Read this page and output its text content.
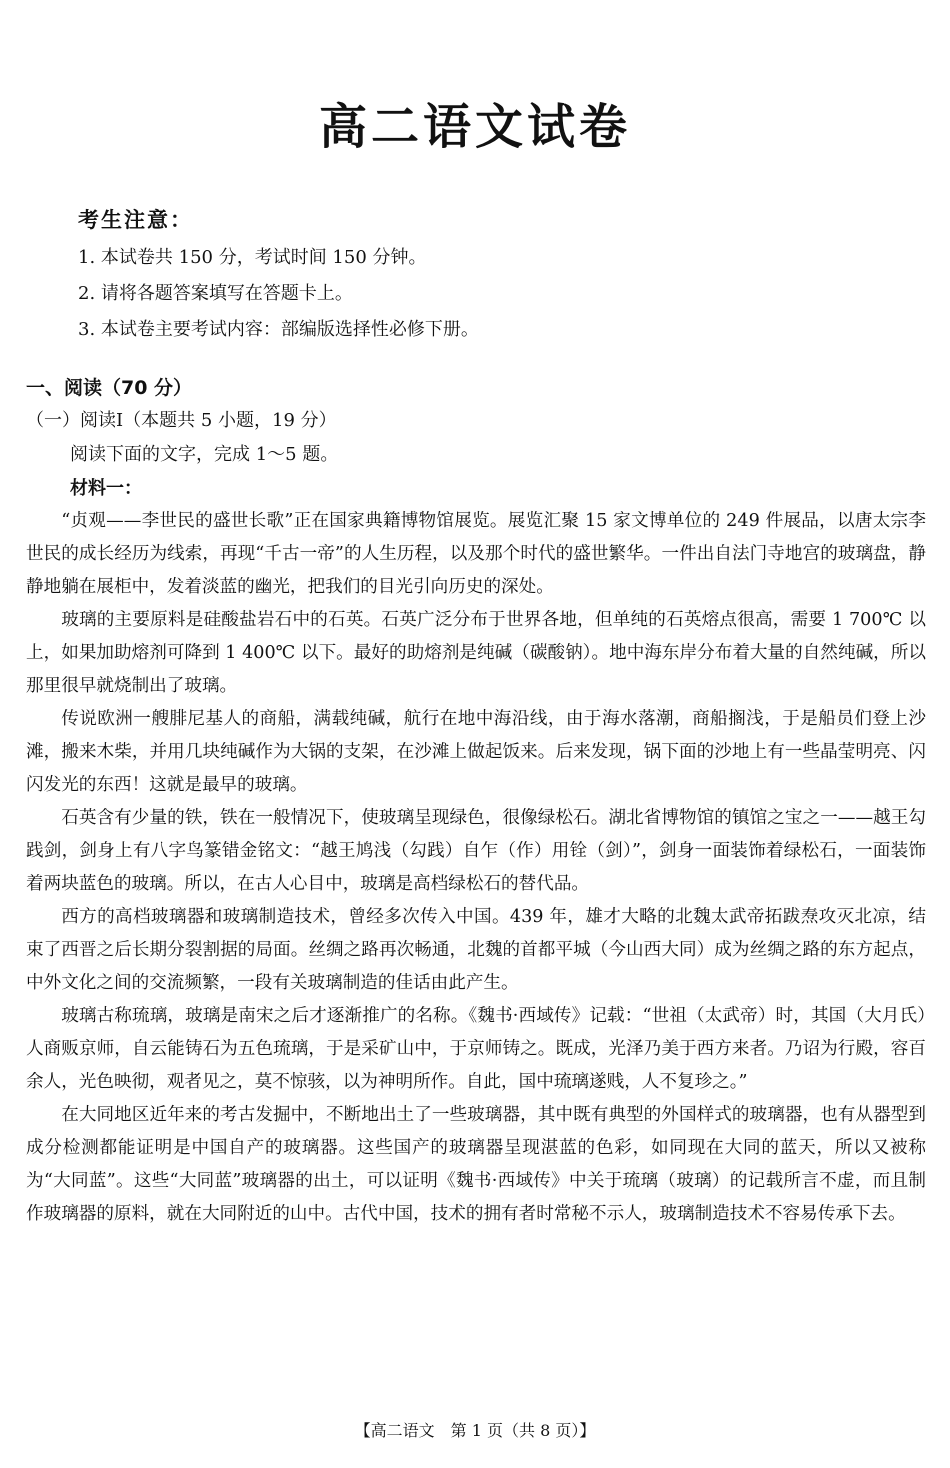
高二语文试卷
考生注意：
1. 本试卷共 150 分，考试时间 150 分钟。
2. 请将各题答案填写在答题卡上。
3. 本试卷主要考试内容：部编版选择性必修下册。
一、阅读（70 分）
（一）阅读Ⅰ（本题共 5 小题，19 分）
阅读下面的文字，完成 1～5 题。
材料一：

“贞观——李世民的盛世长歌”正在国家典籍博物馆展览。展览汇聚 15 家文博单位的 249 件展品，以唐太宗李世民的成长经历为线索，再现“千古一帝”的人生历程，以及那个时代的盛世繁华。一件出自法门寺地宫的玻璃盘，静静地躺在展柜中，发着淡蓝的幽光，把我们的目光引向历史的深处。

玻璃的主要原料是硅酸盐岩石中的石英。石英广泛分布于世界各地，但单纯的石英熔点很高，需要 1 700℃ 以上，如果加助熔剂可降到 1 400℃ 以下。最好的助熔剂是纯碱（碳酸钠）。地中海东岸分布着大量的自然纯碱，所以那里很早就烧制出了玻璃。

传说欧洲一艘腓尼基人的商船，满载纯碱，航行在地中海沿线，由于海水落潮，商船搁浅，于是船员们登上沙滩，搬来木柴，并用几块纯碱作为大锅的支架，在沙滩上做起饭来。后来发现，锅下面的沙地上有一些晶莹明亮、闪闪发光的东西！这就是最早的玻璃。

石英含有少量的铁，铁在一般情况下，使玻璃呈现绿色，很像绿松石。湖北省博物馆的镇馆之宝之一——越王勾践剑，剑身上有八字鸟篆错金铭文：“越王鸠浅（勾践）自乍（作）用铨（剑）”，剑身一面装饰着绿松石，一面装饰着两块蓝色的玻璃。所以，在古人心目中，玻璃是高档绿松石的替代品。

西方的高档玻璃器和玻璃制造技术，曾经多次传入中国。439 年，雄才大略的北魏太武帝拓跋焘攻灭北凉，结束了西晋之后长期分裂割据的局面。丝绸之路再次畅通，北魏的首都平城（今山西大同）成为丝绸之路的东方起点，中外文化之间的交流频繁，一段有关玻璃制造的佳话由此产生。

玻璃古称琉璃，玻璃是南宋之后才逐渐推广的名称。《魏书·西域传》记载：“世祖（太武帝）时，其国（大月氏）人商贩京师，自云能铸石为五色琉璃，于是采矿山中，于京师铸之。既成，光泽乃美于西方来者。乃诏为行殿，容百余人，光色映彻，观者见之，莫不惊骇，以为神明所作。自此，国中琉璃遂贱，人不复珍之。”

在大同地区近年来的考古发掘中，不断地出土了一些玻璃器，其中既有典型的外国样式的玻璃器，也有从器型到成分检测都能证明是中国自产的玻璃器。这些国产的玻璃器呈现湛蓝的色彩，如同现在大同的蓝天，所以又被称为“大同蓝”。这些“大同蓝”玻璃器的出土，可以证明《魏书·西域传》中关于琉璃（玻璃）的记载所言不虚，而且制作玻璃器的原料，就在大同附近的山中。古代中国，技术的拥有者时常秘不示人，玻璃制造技术不容易传承下去。

【高二语文　第 1 页（共 8 页）】
